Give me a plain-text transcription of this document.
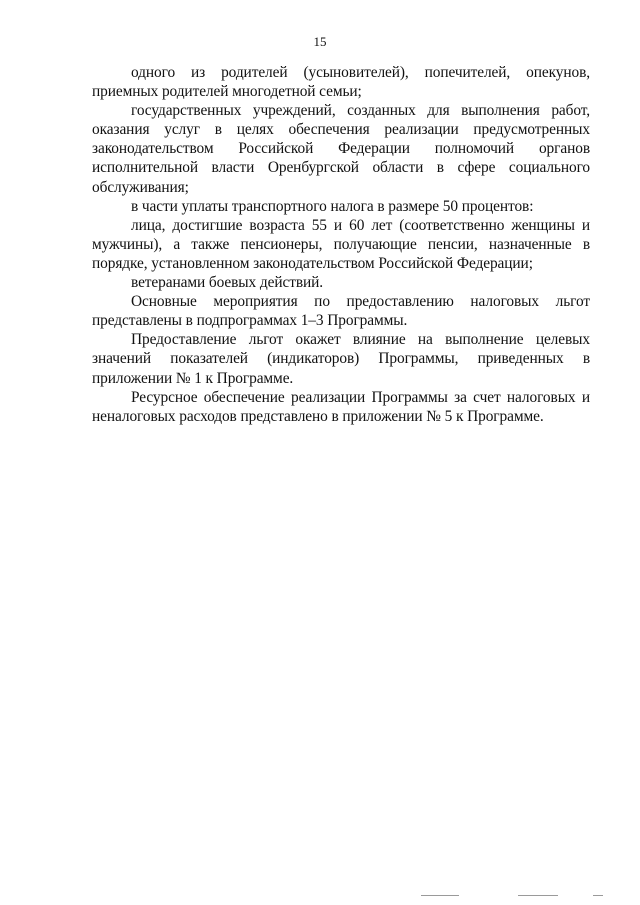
15

одного из родителей (усыновителей), попечителей, опекунов, приемных родителей многодетной семьи;

государственных учреждений, созданных для выполнения работ, оказания услуг в целях обеспечения реализации предусмотренных законодательством Российской Федерации полномочий органов исполнительной власти Оренбургской области в сфере социального обслуживания;

в части уплаты транспортного налога в размере 50 процентов:

лица, достигшие возраста 55 и 60 лет (соответственно женщины и мужчины), а также пенсионеры, получающие пенсии, назначенные в порядке, установленном законодательством Российской Федерации;

ветеранами боевых действий.

Основные мероприятия по предоставлению налоговых льгот представлены в подпрограммах 1–3 Программы.

Предоставление льгот окажет влияние на выполнение целевых значений показателей (индикаторов) Программы, приведенных в приложении № 1 к Программе.

Ресурсное обеспечение реализации Программы за счет налоговых и неналоговых расходов представлено в приложении № 5 к Программе.
